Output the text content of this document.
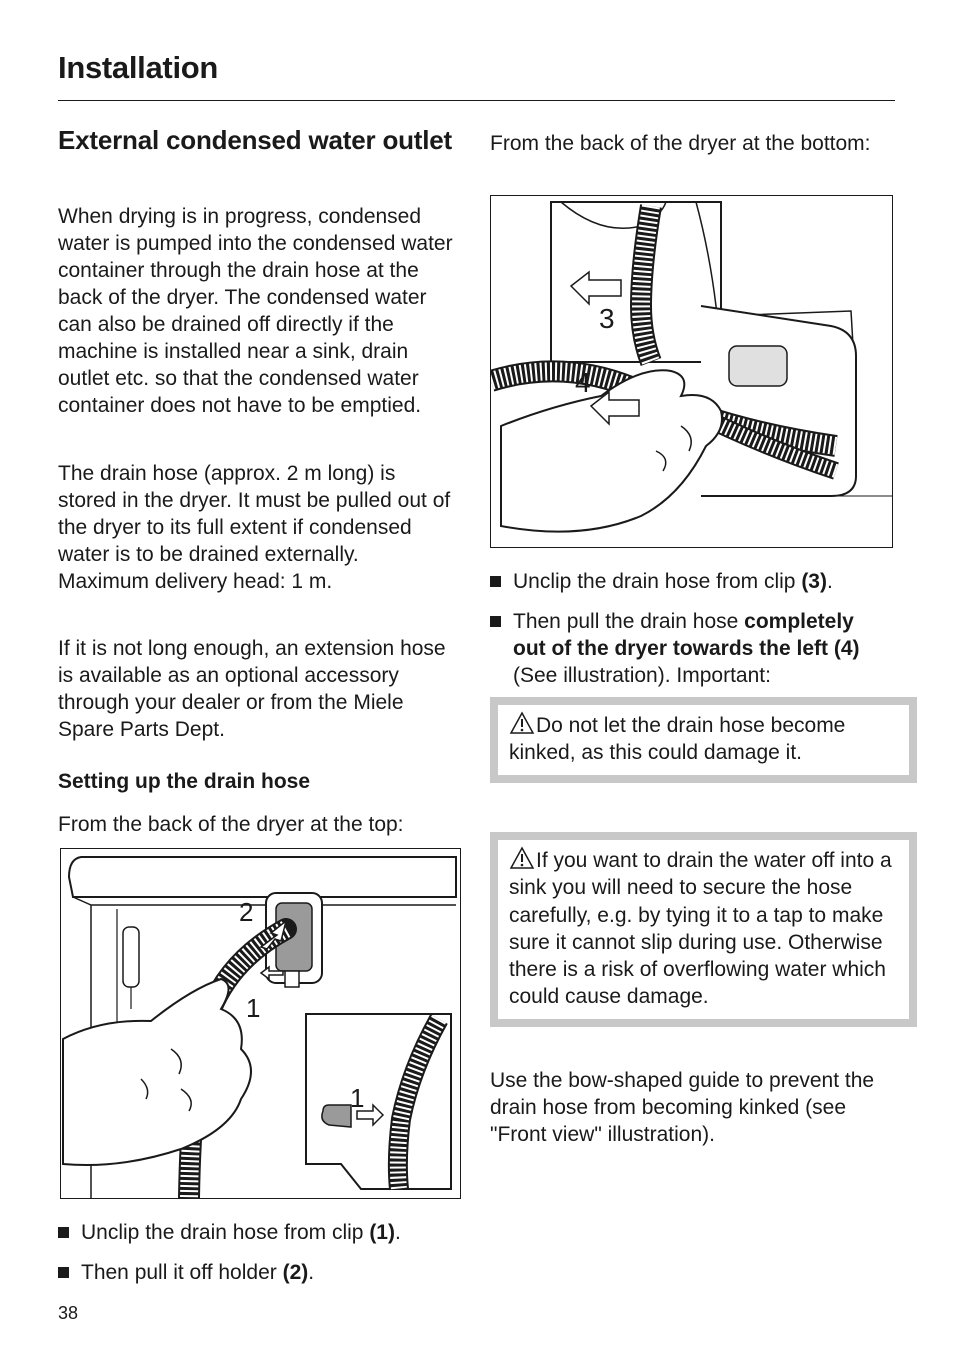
Installation
External condensed water outlet
When drying is in progress, condensed water is pumped into the condensed water container through the drain hose at the back of the dryer. The condensed water can also be drained off directly if the machine is installed near a sink, drain outlet etc. so that the condensed water container does not have to be emptied.
The drain hose (approx. 2 m long) is stored in the dryer. It must be pulled out of the dryer to its full extent if condensed water is to be drained externally. Maximum delivery head: 1 m.
If it is not long enough, an extension hose is available as an optional accessory through your dealer or from the Miele Spare Parts Dept.
Setting up the drain hose
From the back of the dryer at the top:
2
1
1
Unclip the drain hose from clip (1).
Then pull it off holder (2).
From the back of the dryer at the bottom:
3
4
Unclip the drain hose from clip (3).
Then pull the drain hose completely out of the dryer towards the left (4) (See illustration). Important:
Do not let the drain hose become kinked, as this could damage it.
If you want to drain the water off into a sink you will need to secure the hose carefully, e.g. by tying it to a tap to make sure it cannot slip during use. Otherwise there is a risk of overflowing water which could cause damage.
Use the bow-shaped guide to prevent the drain hose from becoming kinked (see "Front view" illustration).
38
